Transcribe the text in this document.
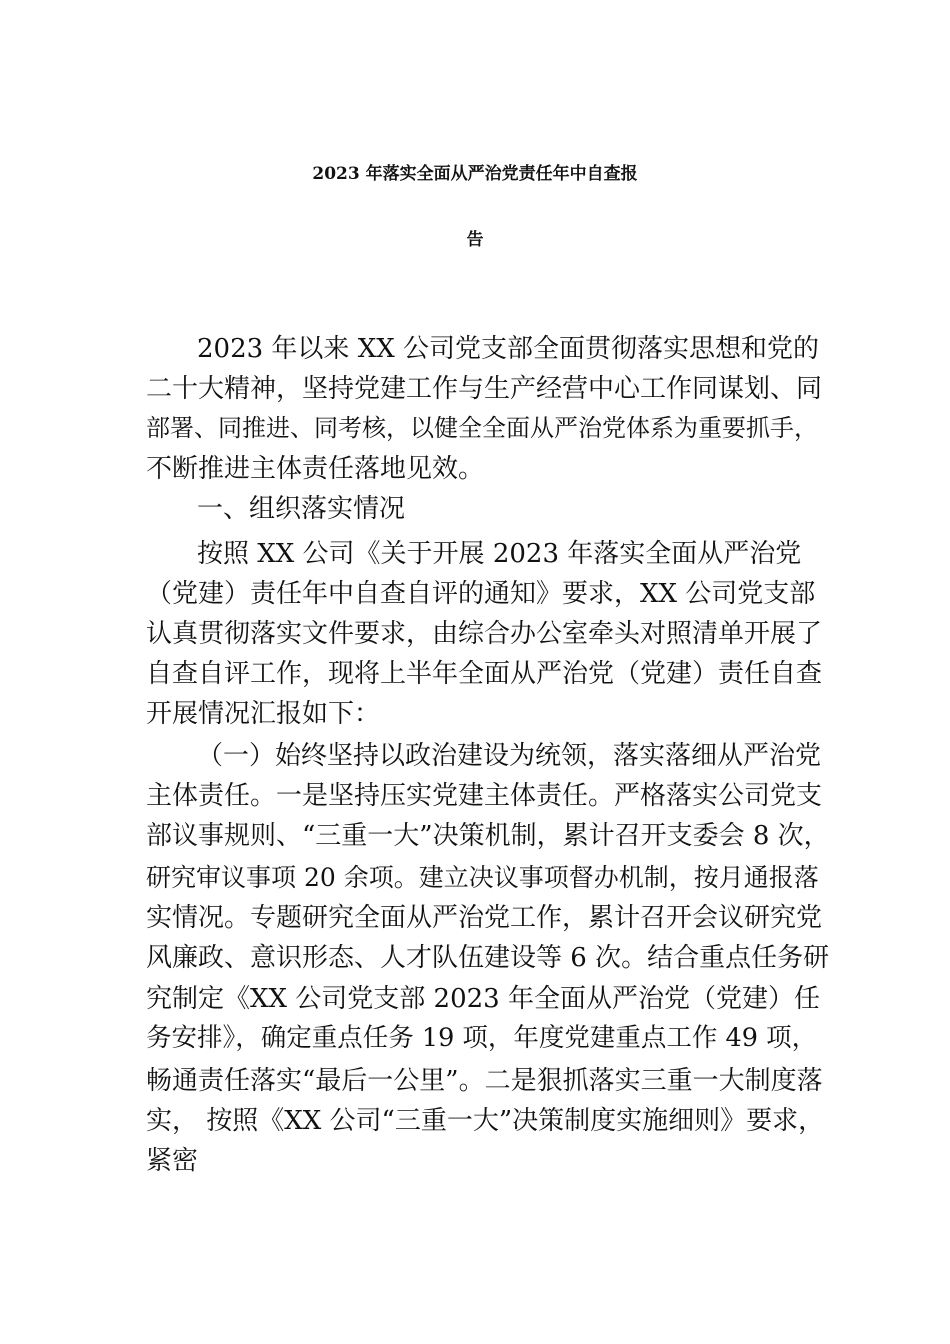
2023 年落实全面从严治党责任年中自查报
告
2023 年以来 XX 公司党支部全面贯彻落实思想和党的
二十大精神，坚持党建工作与生产经营中心工作同谋划、同
部署、同推进、同考核，以健全全面从严治党体系为重要抓手，
不断推进主体责任落地见效。
一、组织落实情况
按照 XX 公司《关于开展 2023 年落实全面从严治党
（党建）责任年中自查自评的通知》要求，XX 公司党支部
认真贯彻落实文件要求，由综合办公室牵头对照清单开展了
自查自评工作，现将上半年全面从严治党（党建）责任自查
开展情况汇报如下：
（一）始终坚持以政治建设为统领，落实落细从严治党
主体责任。一是坚持压实党建主体责任。严格落实公司党支
部议事规则、“三重一大”决策机制，累计召开支委会 8 次，
研究审议事项 20 余项。建立决议事项督办机制，按月通报落
实情况。专题研究全面从严治党工作，累计召开会议研究党
风廉政、意识形态、人才队伍建设等 6 次。结合重点任务研
究制定《XX 公司党支部 2023 年全面从严治党（党建）任
务安排》，确定重点任务 19 项，年度党建重点工作 49 项，
畅通责任落实“最后一公里”。二是狠抓落实三重一大制度落
实， 按照《XX 公司“三重一大”决策制度实施细则》要求，
紧密
